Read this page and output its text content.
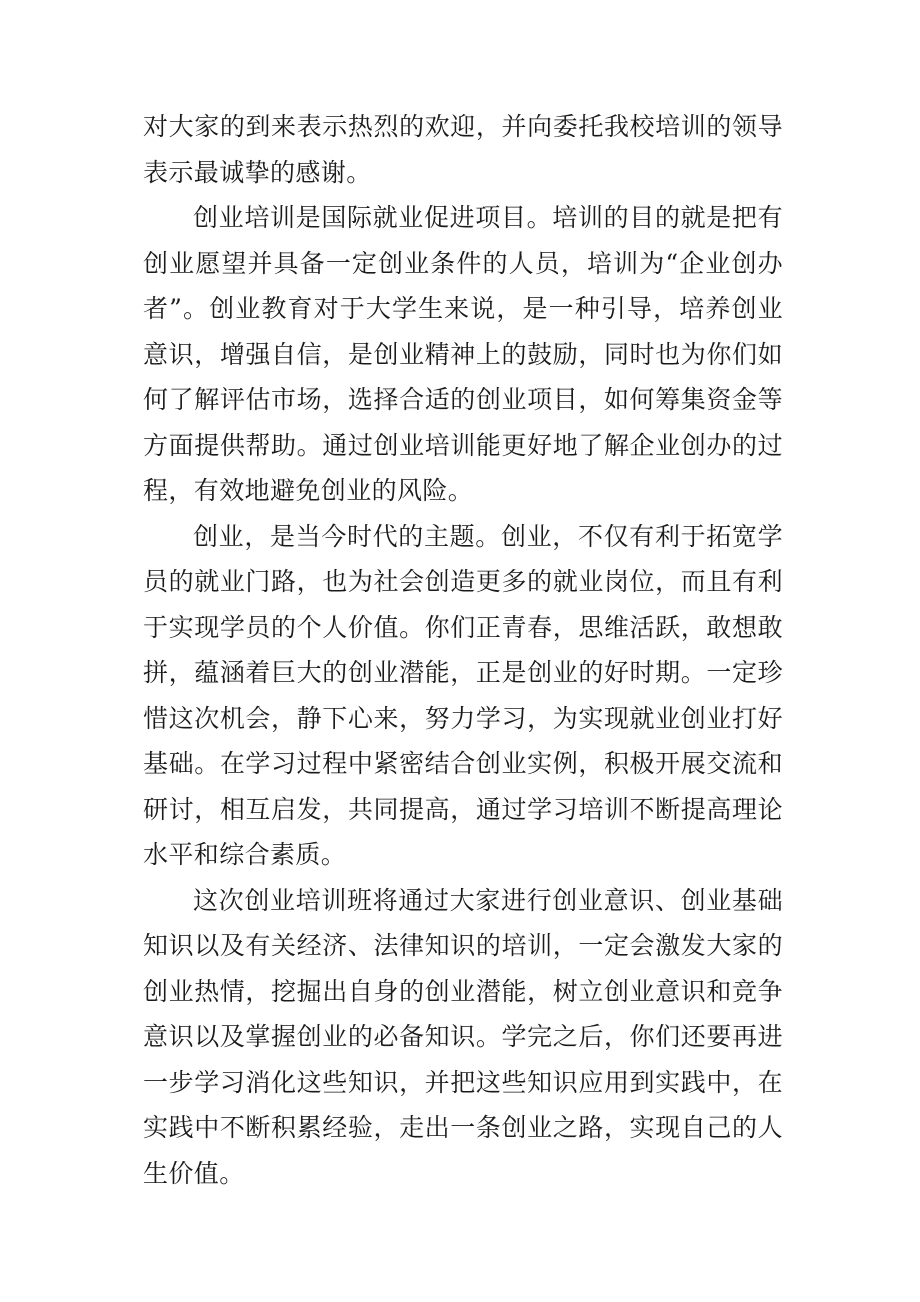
对大家的到来表示热烈的欢迎，并向委托我校培训的领导表示最诚挚的感谢。

创业培训是国际就业促进项目。培训的目的就是把有创业愿望并具备一定创业条件的人员，培训为“企业创办者”。创业教育对于大学生来说，是一种引导，培养创业意识，增强自信，是创业精神上的鼓励，同时也为你们如何了解评估市场，选择合适的创业项目，如何筹集资金等方面提供帮助。通过创业培训能更好地了解企业创办的过程，有效地避免创业的风险。

创业，是当今时代的主题。创业，不仅有利于拓宽学员的就业门路，也为社会创造更多的就业岗位，而且有利于实现学员的个人价值。你们正青春，思维活跃，敢想敢拼，蕴涵着巨大的创业潜能，正是创业的好时期。一定珍惜这次机会，静下心来，努力学习，为实现就业创业打好基础。在学习过程中紧密结合创业实例，积极开展交流和研讨，相互启发，共同提高，通过学习培训不断提高理论水平和综合素质。

这次创业培训班将通过大家进行创业意识、创业基础知识以及有关经济、法律知识的培训，一定会激发大家的创业热情，挖掘出自身的创业潜能，树立创业意识和竞争意识以及掌握创业的必备知识。学完之后，你们还要再进一步学习消化这些知识，并把这些知识应用到实践中，在实践中不断积累经验，走出一条创业之路，实现自己的人生价值。
